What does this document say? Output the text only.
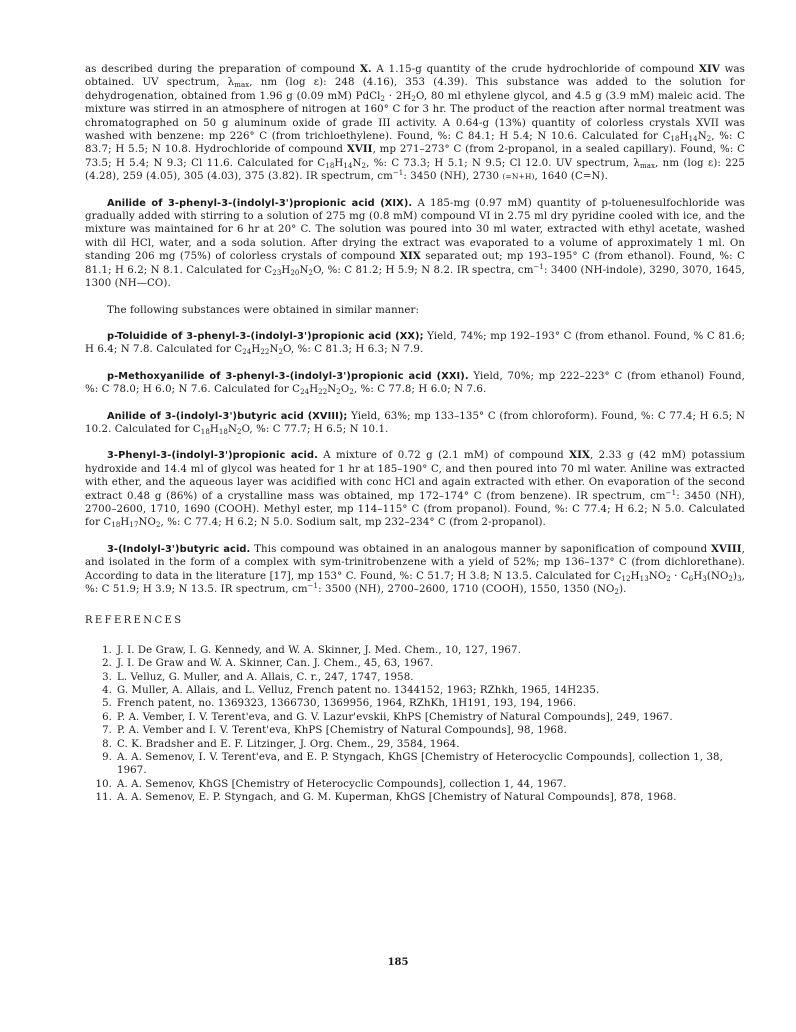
as described during the preparation of compound X. A 1.15-g quantity of the crude hydrochloride of compound XIV was obtained. UV spectrum, $\lambda_{max}$, nm (log ε): 248 (4.16), 353 (4.39). This substance was added to the solution for dehydrogenation, obtained from 1.96 g (0.09 mM) PdCl$_2$ · $2H_2O$, 80 ml ethylene glycol, and 4.5 g (3.9 mM) maleic acid. The mixture was stirred in an atmosphere of nitrogen at 160° C for 3 hr. The product of the reaction after normal treatment was chromatographed on 50 g aluminum oxide of grade III activity. A 0.64-g (13%) quantity of colorless crystals XVII was washed with benzene: mp 226° C (from trichloethylene). Found, %: C 84.1; H 5.4; N 10.6. Calculated for $C_{18}H_{14}N_2$, %: C 83.7; H 5.5; N 10.8. Hydrochloride of compound XVII, mp 271–273° C (from 2-propanol, in a sealed capillary). Found, %: C 73.5; H 5.4; N 9.3; Cl 11.6. Calculated for $C_{18}H_{14}N_2$, %: C 73.3; H 5.1; N 9.5; Cl 12.0. UV spectrum, $\lambda_{max}$, nm (log ε): 225 (4.28), 259 (4.05), 305 (4.03), 375 (3.82). IR spectrum, $cm^{-1}$: 3450 (NH), 2730 (=N+H), 1640 (C=N).

Anilide of 3-phenyl-3-(indolyl-3')propionic acid (XIX). A 185-mg (0.97 mM) quantity of p-toluenesulfochloride was gradually added with stirring to a solution of 275 mg (0.8 mM) compound VI in 2.75 ml dry pyridine cooled with ice, and the mixture was maintained for 6 hr at 20° C. The solution was poured into 30 ml water, extracted with ethyl acetate, washed with dil HCl, water, and a soda solution. After drying the extract was evaporated to a volume of approximately 1 ml. On standing 206 mg (75%) of colorless crystals of compound XIX separated out; mp 193–195° C (from ethanol). Found, %: C 81.1; H 6.2; N 8.1. Calculated for $C_{23}H_{20}N_2O$, %: C 81.2; H 5.9; N 8.2. IR spectra, $cm^{-1}$: 3400 (NH-indole), 3290, 3070, 1645, 1300 (NH—CO).

The following substances were obtained in similar manner:

p-Toluidide of 3-phenyl-3-(indolyl-3')propionic acid (XX); Yield, 74%; mp 192–193° C (from ethanol. Found, % C 81.6; H 6.4; N 7.8. Calculated for $C_{24}H_{22}N_2O$, %: C 81.3; H 6.3; N 7.9.

p-Methoxyanilide of 3-phenyl-3-(indolyl-3')propionic acid (XXI). Yield, 70%; mp 222–223° C (from ethanol) Found, %: C 78.0; H 6.0; N 7.6. Calculated for $C_{24}H_{22}N_2O_2$, %: C 77.8; H 6.0; N 7.6.

Anilide of 3-(indolyl-3')butyric acid (XVIII); Yield, 63%; mp 133–135° C (from chloroform). Found, %: C 77.4; H 6.5; N 10.2. Calculated for $C_{18}H_{18}N_2O$, %: C 77.7; H 6.5; N 10.1.

3-Phenyl-3-(indolyl-3')propionic acid. A mixture of 0.72 g (2.1 mM) of compound XIX, 2.33 g (42 mM) potassium hydroxide and 14.4 ml of glycol was heated for 1 hr at 185–190° C, and then poured into 70 ml water. Aniline was extracted with ether, and the aqueous layer was acidified with conc HCl and again extracted with ether. On evaporation of the second extract 0.48 g (86%) of a crystalline mass was obtained, mp 172–174° C (from benzene). IR spectrum, $cm^{-1}$: 3450 (NH), 2700–2600, 1710, 1690 (COOH). Methyl ester, mp 114–115° C (from propanol). Found, %: C 77.4; H 6.2; N 5.0. Calculated for $C_{18}H_{17}NO_2$, %: C 77.4; H 6.2; N 5.0. Sodium salt, mp 232–234° C (from 2-propanol).

3-(Indolyl-3')butyric acid. This compound was obtained in an analogous manner by saponification of compound XVIII, and isolated in the form of a complex with sym-trinitrobenzene with a yield of 52%; mp 136–137° C (from dichlorethane). According to data in the literature [17], mp 153° C. Found, %: C 51.7; H 3.8; N 13.5. Calculated for $C_{12}H_{13}NO_2 \cdot C_6H_3(NO_2)_3$, %: C 51.9; H 3.9; N 13.5. IR spectrum, $cm^{-1}$: 3500 (NH), 2700–2600, 1710 (COOH), 1550, 1350 $(NO_2)$.

REFERENCES
1. J. I. De Graw, I. G. Kennedy, and W. A. Skinner, J. Med. Chem., 10, 127, 1967.
2. J. I. De Graw and W. A. Skinner, Can. J. Chem., 45, 63, 1967.
3. L. Velluz, G. Muller, and A. Allais, C. r., 247, 1747, 1958.
4. G. Muller, A. Allais, and L. Velluz, French patent no. 1344152, 1963; RZhkh, 1965, 14H235.
5. French patent, no. 1369323, 1366730, 1369956, 1964, RZhKh, 1H191, 193, 194, 1966.
6. P. A. Vember, I. V. Terent'eva, and G. V. Lazur'evskii, KhPS [Chemistry of Natural Compounds], 249, 1967.
7. P. A. Vember and I. V. Terent'eva, KhPS [Chemistry of Natural Compounds], 98, 1968.
8. C. K. Bradsher and E. F. Litzinger, J. Org. Chem., 29, 3584, 1964.
9. A. A. Semenov, I. V. Terent'eva, and E. P. Styngach, KhGS [Chemistry of Heterocyclic Compounds], collection 1, 38, 1967.
10. A. A. Semenov, KhGS [Chemistry of Heterocyclic Compounds], collection 1, 44, 1967.
11. A. A. Semenov, E. P. Styngach, and G. M. Kuperman, KhGS [Chemistry of Natural Compounds], 878, 1968.
185
